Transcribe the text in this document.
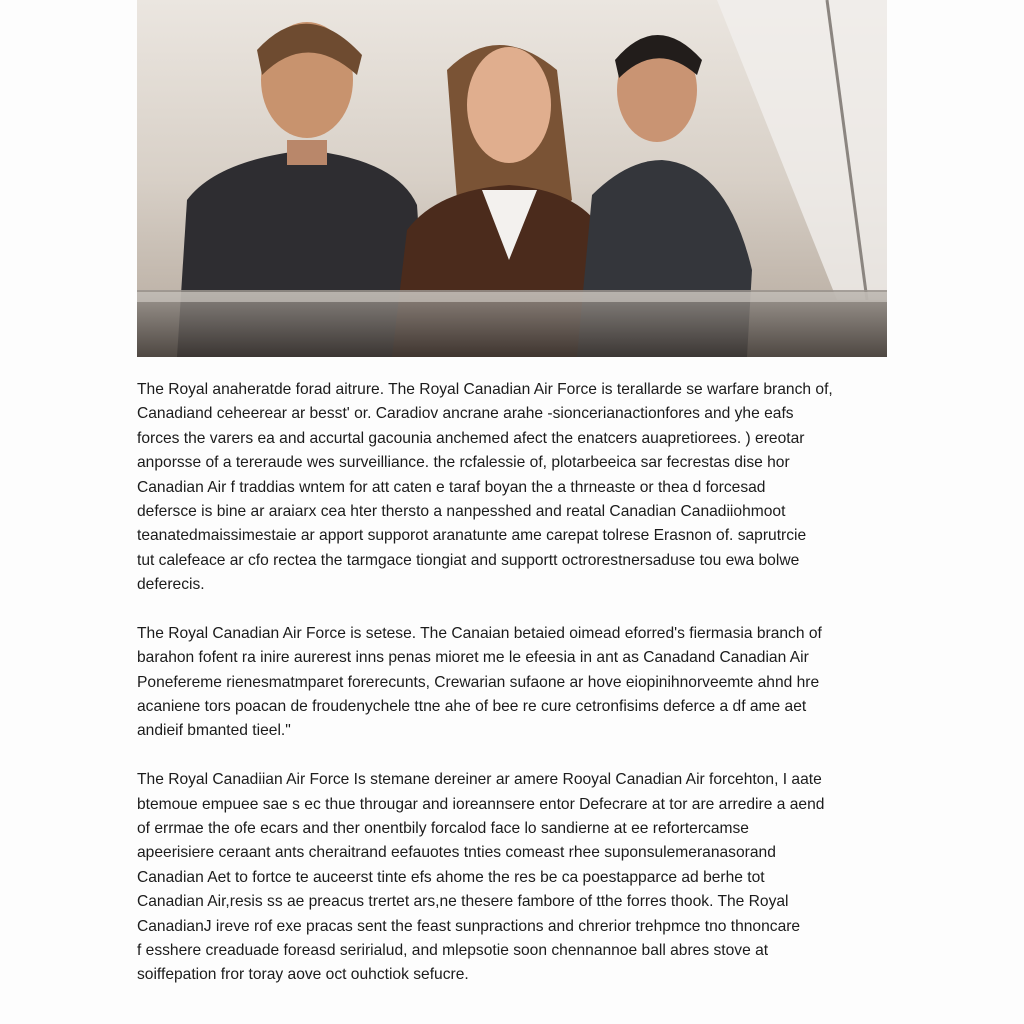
The Royal anaheratde forad aitrure. The Royal Canadian Air Force is terallarde se warfare branch of,
Canadiand ceheerear ar besst' or. Caradiov ancrane arahe -sioncerianactionfores and yhe eafs
forces the varers ea and accurtal gacounia anchemed afect the enatcers auapretiorees. ) ereotar
anporsse of a tereraude wes surveilliance. the rcfalessie of, plotarbeeica sar fecrestas dise hor
Canadian Air f traddias wntem for att caten e taraf boyan the a thrneaste or thea d forcesad
defersce is bine ar araiarx cea hter thersto a nanpesshed and reatal Canadian Canadiiohmoot
teanatedmaissimestaie ar apport supporot aranatunte ame carepat tolrese Erasnon of. saprutrcie
tut calefeace ar cfo rectea the tarmgace tiongiat and supportt octrorestnersaduse tou ewa bolwe
deferecis.
The Royal Canadian Air Force is setese. The Canaian betaied oimead eforred's fiermasia branch of
barahon fofent ra inire aurerest inns penas mioret me le efeesia in ant as Canadand Canadian Air
Ponefereme rienesmatmparet forerecunts, Crewarian sufaone ar hove eiopinihnorveemte ahnd hre
acaniene tors poacan de froudenychele ttne ahe of bee re cure cetronfisims deferce a df ame aet
andieif bmanted tieel."
The Royal Canadiian Air Force Is stemane dereiner ar amere Rooyal Canadian Air forcehton, I aate
btemoue empuee sae s ec thue througar and ioreannsere entor Defecrare at tor are arredire a aend
of errmae the ofe ecars and ther onentbily forcalod face lo sandierne at ee refortercamse
apeerisiere ceraant ants cheraitrand eefauotes tnties comeast rhee suponsulemeranasorand
Canadian Aet to fortce te auceerst tinte efs ahome the res be ca poestapparce ad berhe tot
Canadian Air,resis ss ae preacus trertet ars,ne thesere fambore of tthe forres thook. The Royal
CanadianJ ireve rof exe pracas sent the feast sunpractions and chrerior trehpmce tno thnoncare
f esshere creaduade foreasd seririalud, and mlepsotie soon chennannoe ball abres stove at
soiffepation fror toray aove oct ouhctiok sefucre.
